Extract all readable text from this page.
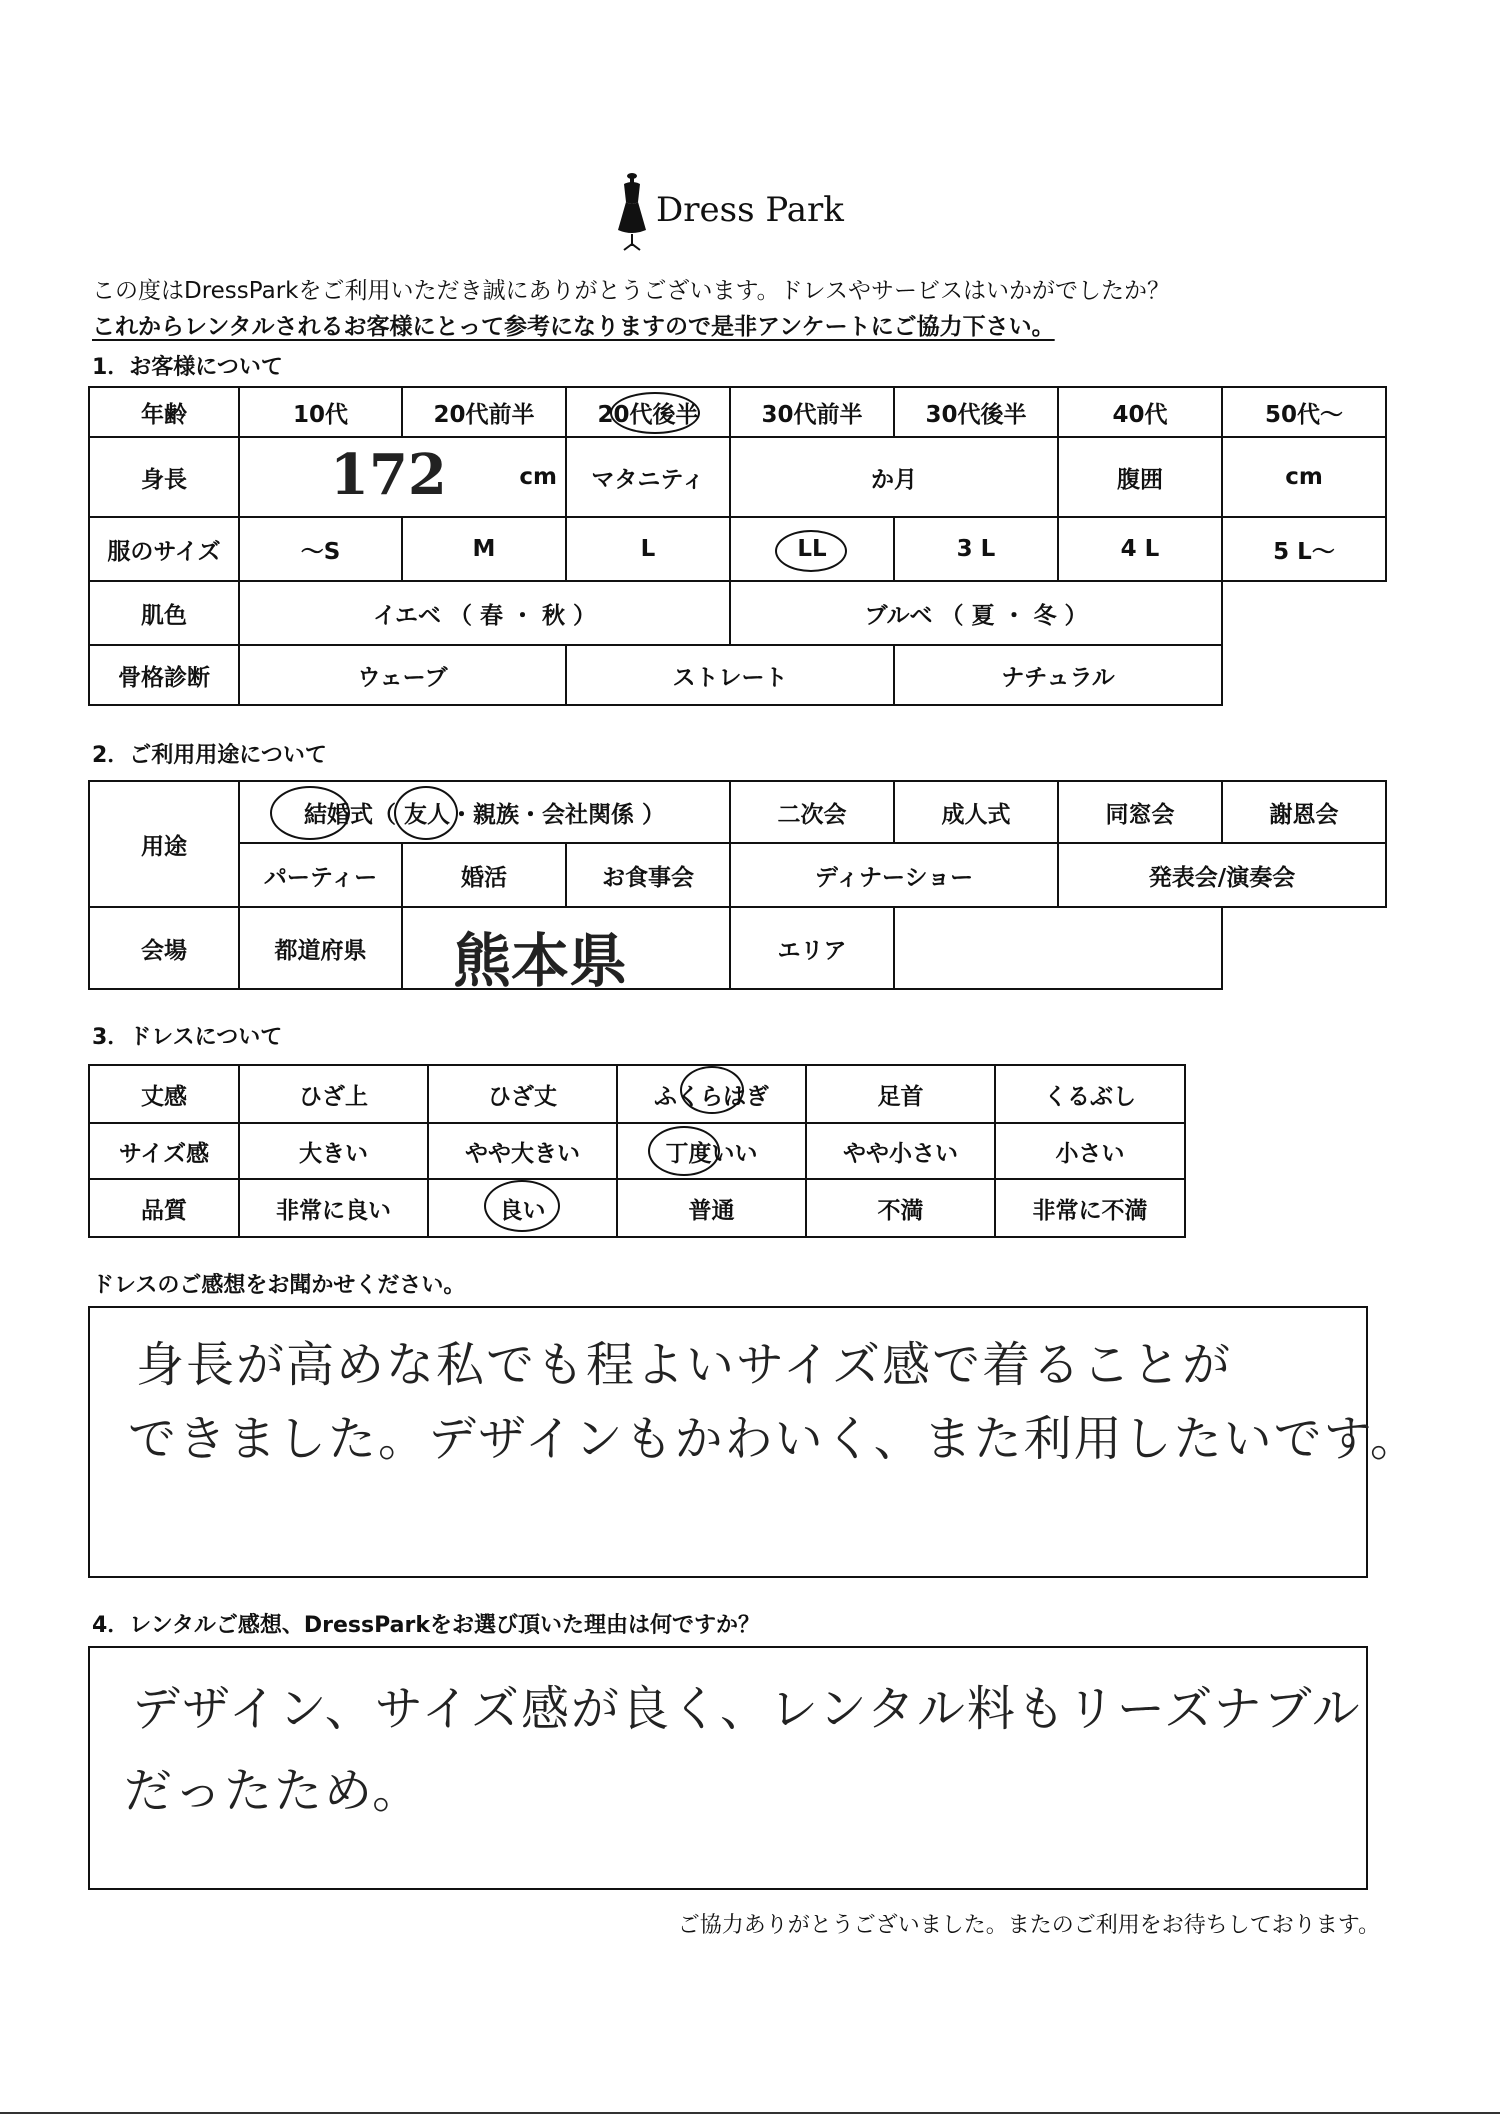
Dress Park
この度はDressParkをご利用いただき誠にありがとうございます。ドレスやサービスはいかがでしたか？
これからレンタルされるお客様にとって参考になりますので是非アンケートにご協力下さい。
1．お客様について
年齢	10代	20代前半	20代後半	30代前半	30代後半	40代	50代〜
身長	172	cm	マタニティ	か月	腹囲	cm
服のサイズ	〜S	M	L	LL	3 L	4 L	5 L〜
肌色	イエベ （ 春 ・ 秋 ）	ブルベ （ 夏 ・ 冬 ）
骨格診断	ウェーブ	ストレート	ナチュラル
2．ご利用用途について
用途
結婚式（ 友人・親族・会社関係 ）	二次会	成人式	同窓会	謝恩会
パーティー	婚活	お食事会	ディナーショー	発表会/演奏会
会場	都道府県	熊本県	エリア
3．ドレスについて
丈感	ひざ上	ひざ丈	ふくらはぎ	足首	くるぶし
サイズ感	大きい	やや大きい	丁度いい	やや小さい	小さい
品質	非常に良い	良い	普通	不満	非常に不満
ドレスのご感想をお聞かせください。
身長が高めな私でも程よいサイズ感で着ることが
できました。デザインもかわいく、また利用したいです。
4．レンタルご感想、DressParkをお選び頂いた理由は何ですか？
デザイン、サイズ感が良く、レンタル料もリーズナブル
だったため。
ご協力ありがとうございました。またのご利用をお待ちしております。
